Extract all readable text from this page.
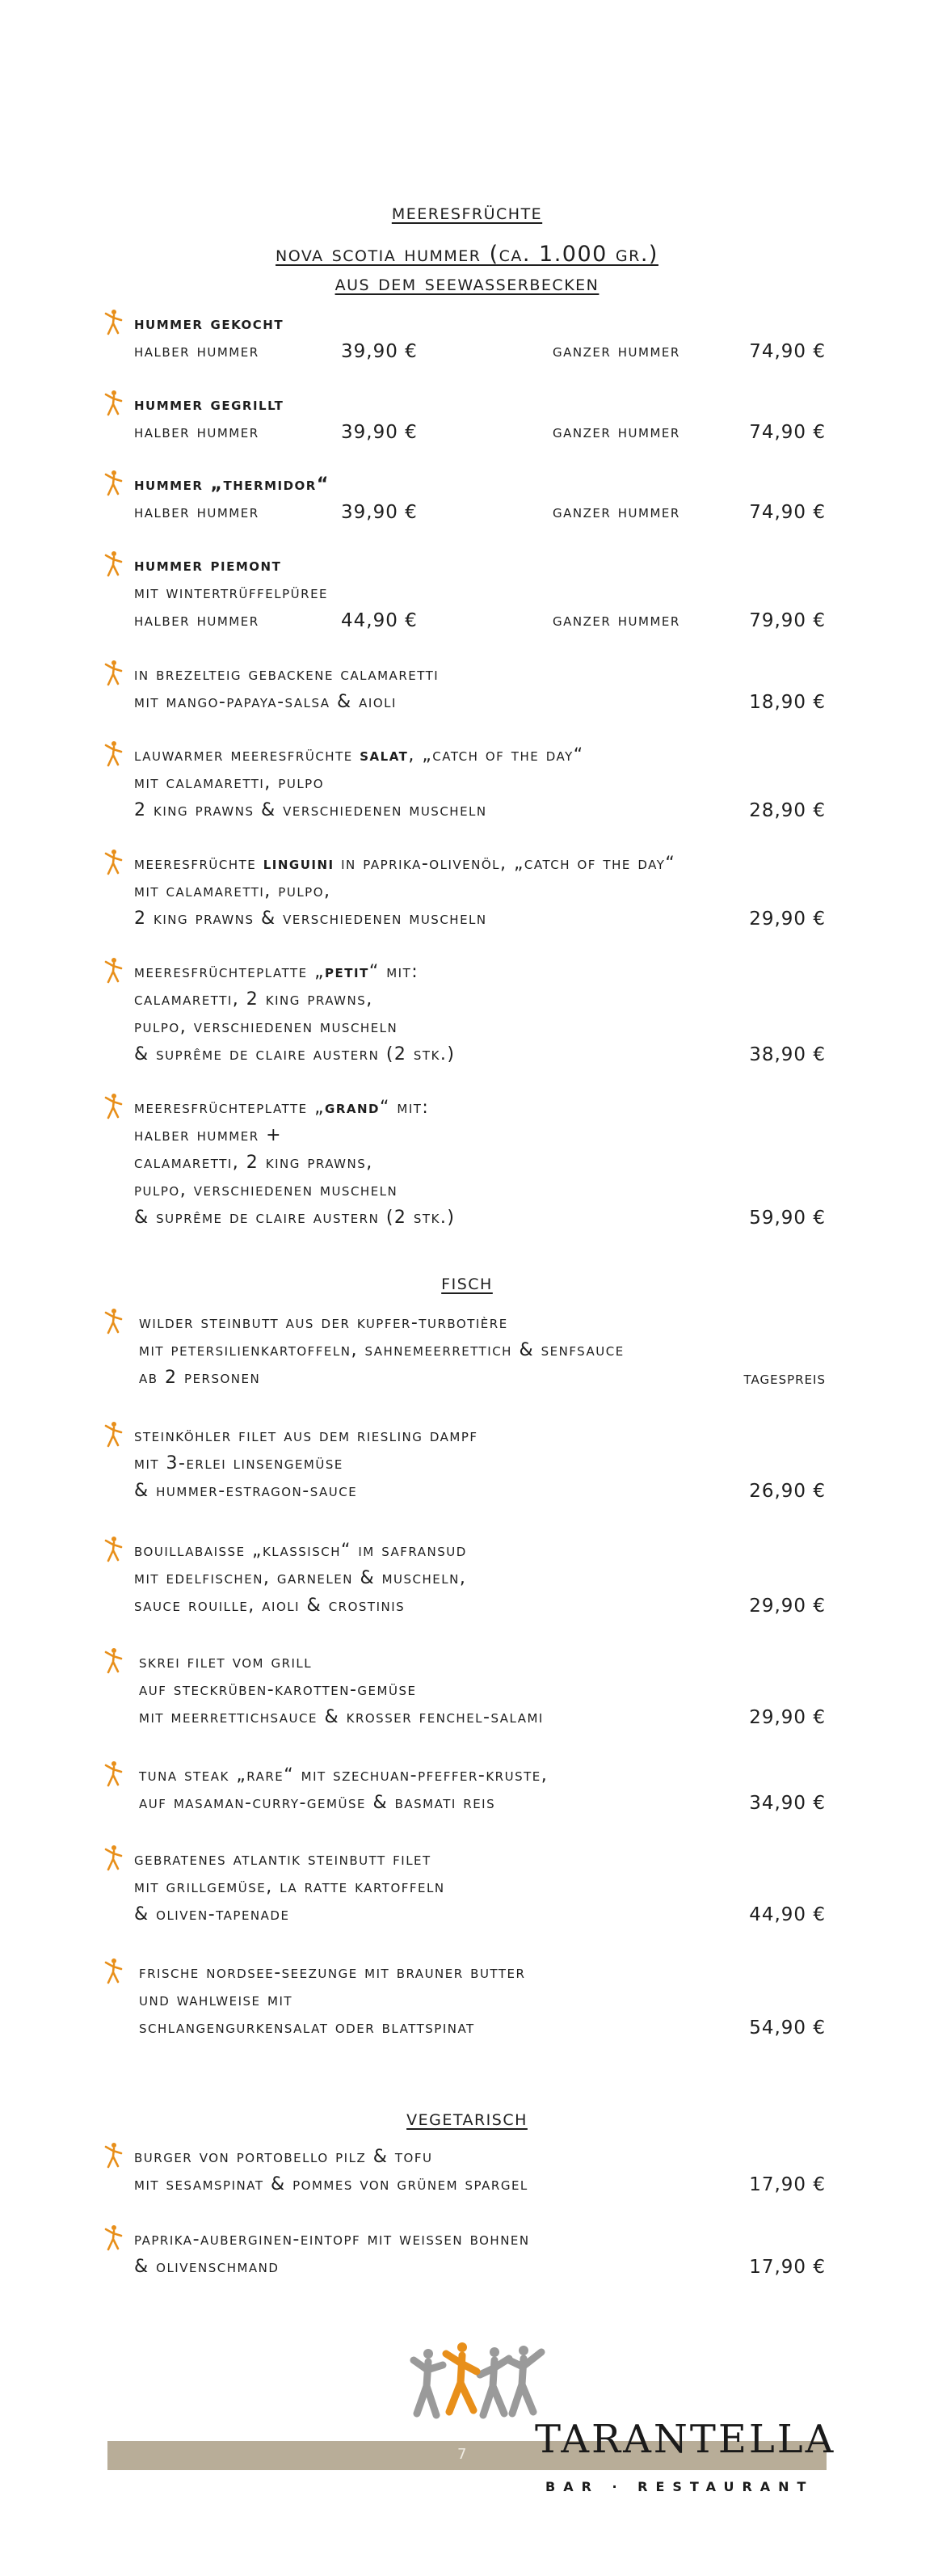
meeresfrüchte
nova scotia hummer (ca. 1.000 gr.)
aus dem seewasserbecken
hummer gekocht
halber hummer	39,90 €	ganzer hummer	74,90 €
hummer gegrillt
halber hummer	39,90 €	ganzer hummer	74,90 €
hummer „thermidor“
halber hummer	39,90 €	ganzer hummer	74,90 €
hummer piemont
mit wintertrüffelpüree
halber hummer	44,90 €	ganzer hummer	79,90 €
in brezelteig gebackene calamaretti
mit mango-papaya-salsa & aioli	18,90 €
lauwarmer meeresfrüchte salat, „catch of the day“
mit calamaretti, pulpo
2 king prawns & verschiedenen muscheln	28,90 €
meeresfrüchte linguini in paprika-olivenöl, „catch of the day“
mit calamaretti, pulpo,
2 king prawns & verschiedenen muscheln	29,90 €
meeresfrüchteplatte „petit“ mit:
calamaretti, 2 king prawns,
pulpo, verschiedenen muscheln
& suprême de claire austern (2 stk.)	38,90 €
meeresfrüchteplatte „grand“ mit:
halber hummer +
calamaretti, 2 king prawns,
pulpo, verschiedenen muscheln
& suprême de claire austern (2 stk.)	59,90 €
fisch
wilder steinbutt aus der kupfer-turbotière
mit petersilienkartoffeln, sahnemeerrettich & senfsauce
ab 2 personen	tagespreis
steinköhler filet aus dem riesling dampf
mit 3-erlei linsengemüse
& hummer-estragon-sauce	26,90 €
bouillabaisse „klassisch“ im safransud
mit edelfischen, garnelen & muscheln,
sauce rouille, aioli & crostinis	29,90 €
skrei filet vom grill
auf steckrüben-karotten-gemüse
mit meerrettichsauce & krosser fenchel-salami	29,90 €
tuna steak „rare“ mit szechuan-pfeffer-kruste,
auf masaman-curry-gemüse & basmati reis	34,90 €
gebratenes atlantik steinbutt filet
mit grillgemüse, la ratte kartoffeln
& oliven-tapenade	44,90 €
frische nordsee-seezunge mit brauner butter
und wahlweise mit
schlangengurkensalat oder blattspinat	54,90 €
vegetarisch
burger von portobello pilz & tofu
mit sesamspinat & pommes von grünem spargel	17,90 €
paprika-auberginen-eintopf mit weissen bohnen
& olivenschmand	17,90 €
7 TARANTELLA
BAR · RESTAURANT
